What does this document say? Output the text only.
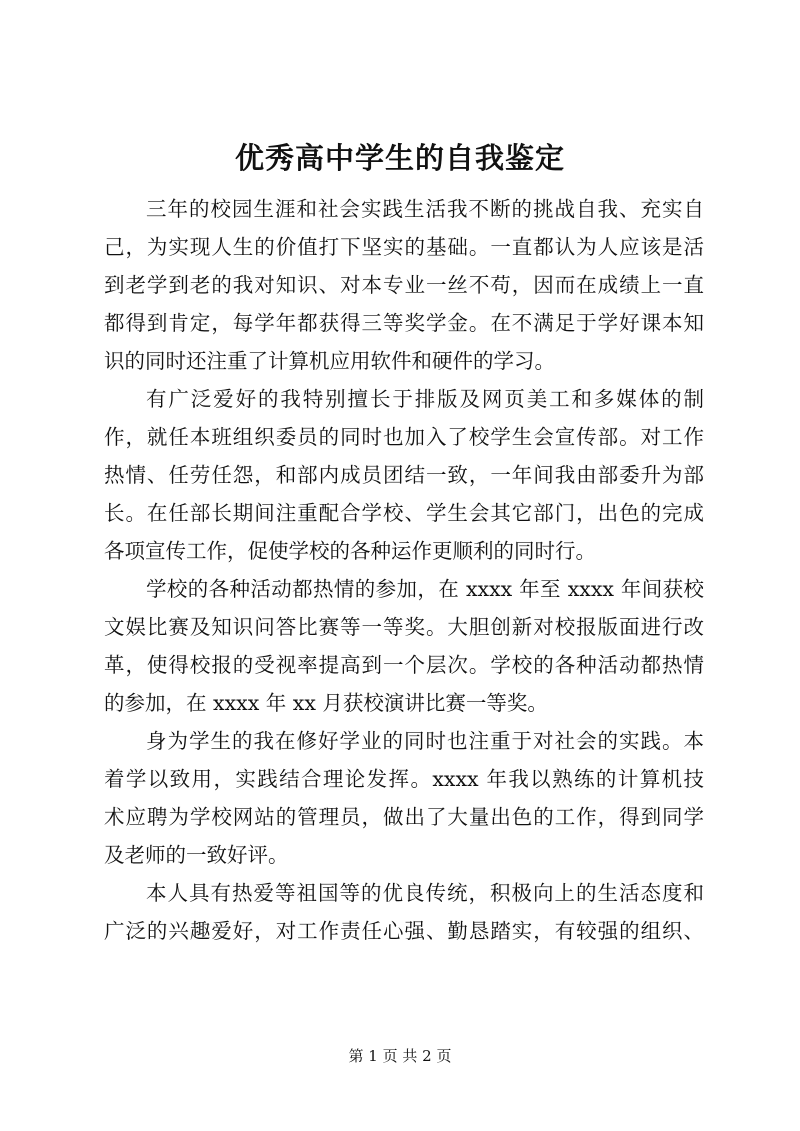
优秀高中学生的自我鉴定
三年的校园生涯和社会实践生活我不断的挑战自我、充实自
己，为实现人生的价值打下坚实的基础。一直都认为人应该是活
到老学到老的我对知识、对本专业一丝不苟，因而在成绩上一直
都得到肯定，每学年都获得三等奖学金。在不满足于学好课本知
识的同时还注重了计算机应用软件和硬件的学习。
有广泛爱好的我特别擅长于排版及网页美工和多媒体的制
作，就任本班组织委员的同时也加入了校学生会宣传部。对工作
热情、任劳任怨，和部内成员团结一致，一年间我由部委升为部
长。在任部长期间注重配合学校、学生会其它部门，出色的完成
各项宣传工作，促使学校的各种运作更顺利的同时行。
学校的各种活动都热情的参加，在 xxxx 年至 xxxx 年间获校
文娱比赛及知识问答比赛等一等奖。大胆创新对校报版面进行改
革，使得校报的受视率提高到一个层次。学校的各种活动都热情
的参加，在 xxxx 年 xx 月获校演讲比赛一等奖。
身为学生的我在修好学业的同时也注重于对社会的实践。本
着学以致用，实践结合理论发挥。xxxx 年我以熟练的计算机技
术应聘为学校网站的管理员，做出了大量出色的工作，得到同学
及老师的一致好评。
本人具有热爱等祖国等的优良传统，积极向上的生活态度和
广泛的兴趣爱好，对工作责任心强、勤恳踏实，有较强的组织、
第 1 页 共 2 页
